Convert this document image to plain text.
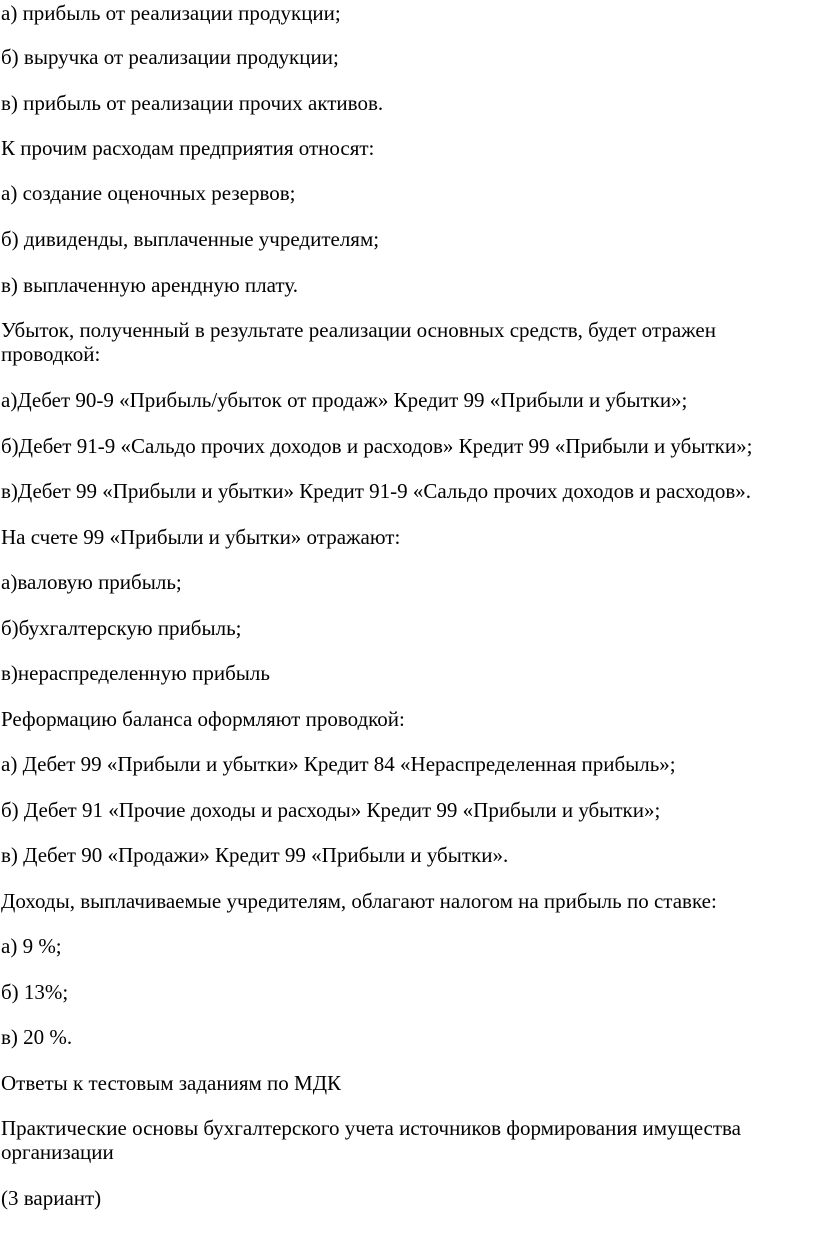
а) прибыль от реализации продукции;

б) выручка от реализации продукции;

в) прибыль от реализации прочих активов.

К прочим расходам предприятия относят:

а) создание оценочных резервов;

б) дивиденды, выплаченные учредителям;

в) выплаченную арендную плату.

Убыток, полученный в результате реализации основных средств, будет отражен проводкой:

а)Дебет 90-9 «Прибыль/убыток от продаж» Кредит 99 «Прибыли и убытки»;

б)Дебет 91-9 «Сальдо прочих доходов и расходов» Кредит 99 «Прибыли и убытки»;

в)Дебет 99 «Прибыли и убытки» Кредит 91-9 «Сальдо прочих доходов и расходов».

На счете 99 «Прибыли и убытки» отражают:

а)валовую прибыль;

б)бухгалтерскую прибыль;

в)нераспределенную прибыль

Реформацию баланса оформляют проводкой:

а) Дебет 99 «Прибыли и убытки» Кредит 84 «Нераспределенная прибыль»;

б) Дебет 91 «Прочие доходы и расходы» Кредит 99 «Прибыли и убытки»;

в) Дебет 90 «Продажи» Кредит 99 «Прибыли и убытки».

Доходы, выплачиваемые учредителям, облагают налогом на прибыль по ставке:

а) 9 %;

б) 13%;

в) 20 %.

Ответы к тестовым заданиям по МДК

Практические основы бухгалтерского учета источников формирования имущества организации

(3 вариант)
